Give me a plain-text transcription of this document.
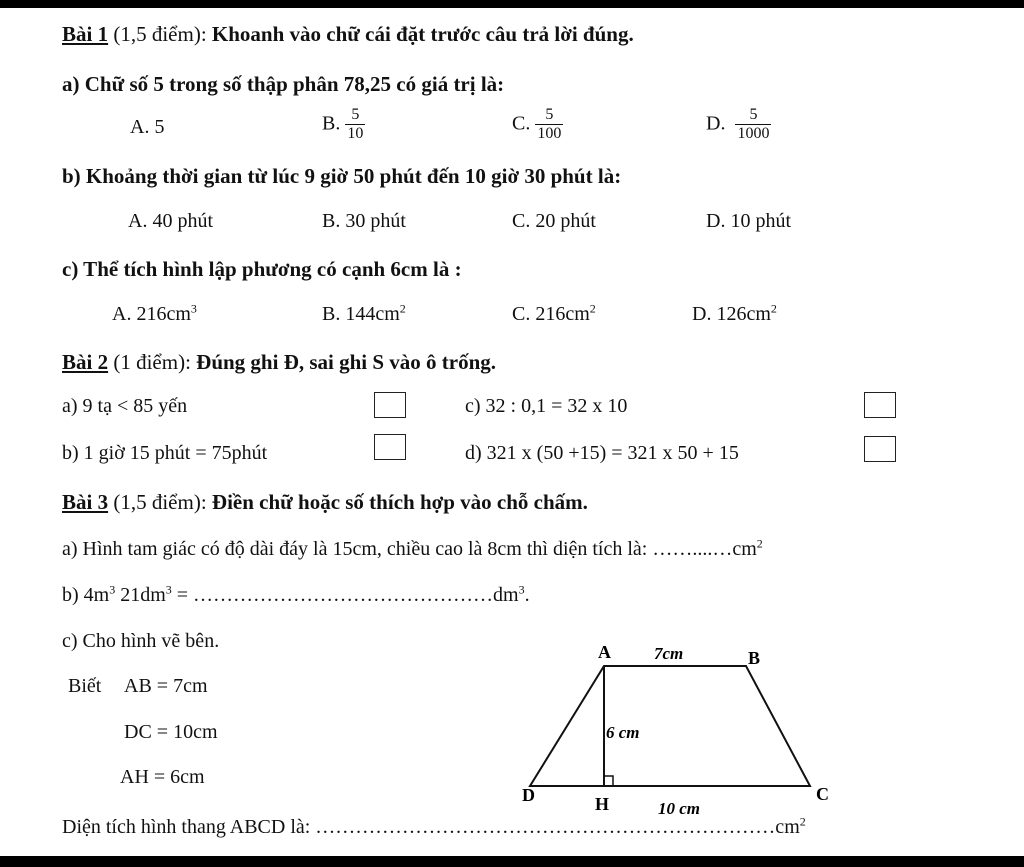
Bài 1 (1,5 điểm): Khoanh vào chữ cái đặt trước câu trả lời đúng.
a) Chữ số 5 trong số thập phân 78,25 có giá trị là:
A. 5	B. $\frac{5}{10}$	C. $\frac{5}{100}$	D. $\frac{5}{1000}$
b) Khoảng thời gian từ lúc 9 giờ 50 phút đến 10 giờ 30 phút là:
A. 40 phút	B. 30 phút	C. 20 phút	D. 10 phút
c) Thể tích hình lập phương có cạnh 6cm là :
A. $216cm^3$	B. $144cm^2$	C. $216cm^2$	D. $126cm^2$
Bài 2 (1 điểm): Đúng ghi Đ, sai ghi S vào ô trống.
a) 9 tạ < 85 yến	c) 32 : 0,1 = 32 x 10
b) 1 giờ 15 phút = 75phút	d) 321 x (50 +15) = 321 x 50 + 15
Bài 3 (1,5 điểm): Điền chữ hoặc số thích hợp vào chỗ chấm.
a) Hình tam giác có độ dài đáy là 15cm, chiều cao là 8cm thì diện tích là: $\dots\dots....\dots cm^2$
b) $4m^3$ $21dm^3$ = $\dots\dots\dots\dots\dots\dots\dots\dots\dots\dots\dots\dots\dots\dots\dots dm^3$.
c) Cho hình vẽ bên.
Biết AB = 7cm
DC = 10cm
AH = 6cm
Diện tích hình thang ABCD là: $\dots\dots\dots\dots\dots\dots\dots\dots\dots\dots\dots\dots\dots\dots\dots\dots\dots\dots\dots\dots\dots\dots\dots cm^2$
A	B
C
D	H
7cm
6 cm
10 cm
